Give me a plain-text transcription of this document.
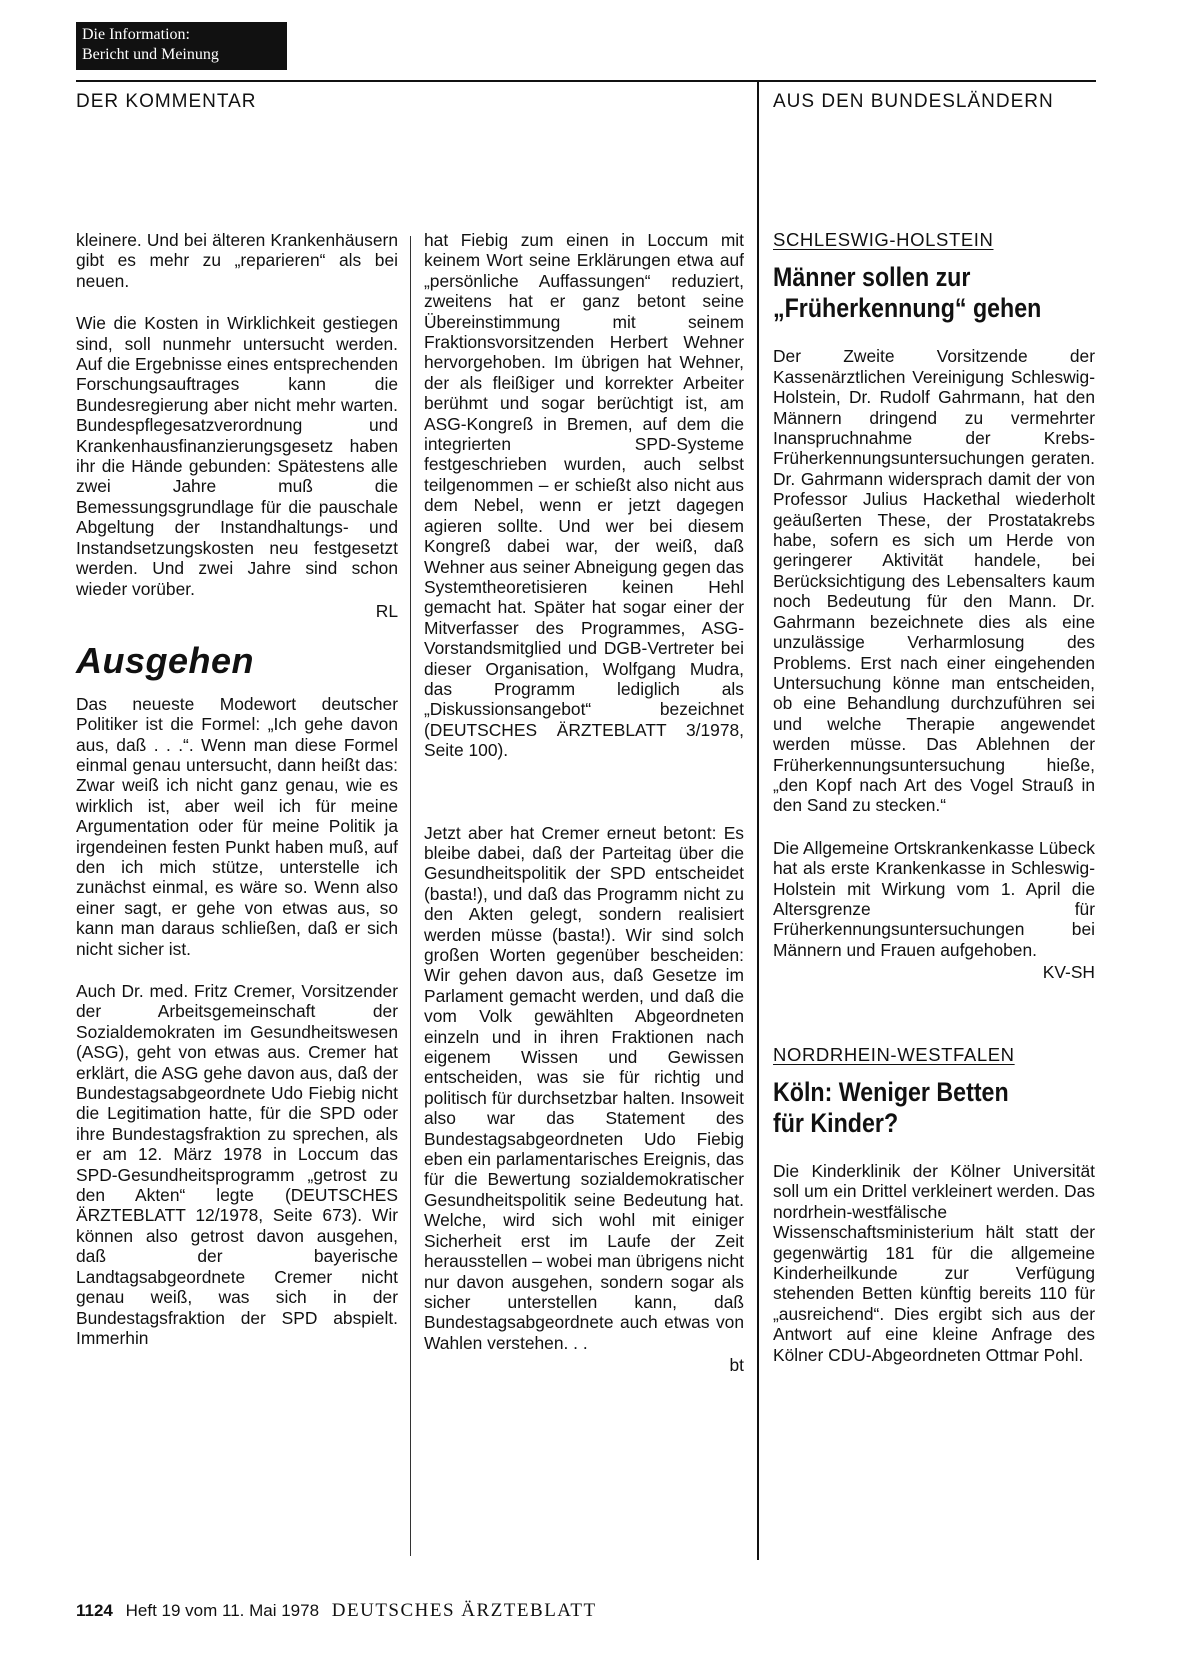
Die Information:
Bericht und Meinung
DER KOMMENTAR	AUS DEN BUNDESLÄNDERN

kleinere. Und bei älteren Krankenhäusern gibt es mehr zu „reparieren“ als bei neuen.

Wie die Kosten in Wirklichkeit gestiegen sind, soll nunmehr untersucht werden. Auf die Ergebnisse eines entsprechenden Forschungsauftrages kann die Bundesregierung aber nicht mehr warten. Bundespflegesatzverordnung und Krankenhausfinanzierungsgesetz haben ihr die Hände gebunden: Spätestens alle zwei Jahre muß die Bemessungsgrundlage für die pauschale Abgeltung der Instandhaltungs- und Instandsetzungskosten neu festgesetzt werden. Und zwei Jahre sind schon wieder vorüber.

RL
Ausgehen

Das neueste Modewort deutscher Politiker ist die Formel: „Ich gehe davon aus, daß . . .“. Wenn man diese Formel einmal genau untersucht, dann heißt das: Zwar weiß ich nicht ganz genau, wie es wirklich ist, aber weil ich für meine Argumentation oder für meine Politik ja irgendeinen festen Punkt haben muß, auf den ich mich stütze, unterstelle ich zunächst einmal, es wäre so. Wenn also einer sagt, er gehe von etwas aus, so kann man daraus schließen, daß er sich nicht sicher ist.

Auch Dr. med. Fritz Cremer, Vorsitzender der Arbeitsgemeinschaft der Sozialdemokraten im Gesundheitswesen (ASG), geht von etwas aus. Cremer hat erklärt, die ASG gehe davon aus, daß der Bundestagsabgeordnete Udo Fiebig nicht die Legitimation hatte, für die SPD oder ihre Bundestagsfraktion zu sprechen, als er am 12. März 1978 in Loccum das SPD-Gesundheitsprogramm „getrost zu den Akten“ legte (DEUTSCHES ÄRZTEBLATT 12/1978, Seite 673). Wir können also getrost davon ausgehen, daß der bayerische Landtagsabgeordnete Cremer nicht genau weiß, was sich in der Bundestagsfraktion der SPD abspielt. Immerhin

hat Fiebig zum einen in Loccum mit keinem Wort seine Erklärungen etwa auf „persönliche Auffassungen“ reduziert, zweitens hat er ganz betont seine Übereinstimmung mit seinem Fraktionsvorsitzenden Herbert Wehner hervorgehoben. Im übrigen hat Wehner, der als fleißiger und korrekter Arbeiter berühmt und sogar berüchtigt ist, am ASG-Kongreß in Bremen, auf dem die integrierten SPD-Systeme festgeschrieben wurden, auch selbst teilgenommen – er schießt also nicht aus dem Nebel, wenn er jetzt dagegen agieren sollte. Und wer bei diesem Kongreß dabei war, der weiß, daß Wehner aus seiner Abneigung gegen das Systemtheoretisieren keinen Hehl gemacht hat. Später hat sogar einer der Mitverfasser des Programmes, ASG-Vorstandsmitglied und DGB-Vertreter bei dieser Organisation, Wolfgang Mudra, das Programm lediglich als „Diskussionsangebot“ bezeichnet (DEUTSCHES ÄRZTEBLATT 3/1978, Seite 100).

Jetzt aber hat Cremer erneut betont: Es bleibe dabei, daß der Parteitag über die Gesundheitspolitik der SPD entscheidet (basta!), und daß das Programm nicht zu den Akten gelegt, sondern realisiert werden müsse (basta!). Wir sind solch großen Worten gegenüber bescheiden: Wir gehen davon aus, daß Gesetze im Parlament gemacht werden, und daß die vom Volk gewählten Abgeordneten einzeln und in ihren Fraktionen nach eigenem Wissen und Gewissen entscheiden, was sie für richtig und politisch für durchsetzbar halten. Insoweit also war das Statement des Bundestagsabgeordneten Udo Fiebig eben ein parlamentarisches Ereignis, das für die Bewertung sozialdemokratischer Gesundheitspolitik seine Bedeutung hat. Welche, wird sich wohl mit einiger Sicherheit erst im Laufe der Zeit herausstellen – wobei man übrigens nicht nur davon ausgehen, sondern sogar als sicher unterstellen kann, daß Bundestagsabgeordnete auch etwas von Wahlen verstehen. . .

bt
SCHLESWIG-HOLSTEIN
Männer sollen zur
„Früherkennung“ gehen

Der Zweite Vorsitzende der Kassenärztlichen Vereinigung Schleswig-Holstein, Dr. Rudolf Gahrmann, hat den Männern dringend zu vermehrter Inanspruchnahme der Krebs-Früherkennungsuntersuchungen geraten. Dr. Gahrmann widersprach damit der von Professor Julius Hackethal wiederholt geäußerten These, der Prostatakrebs habe, sofern es sich um Herde von geringerer Aktivität handele, bei Berücksichtigung des Lebensalters kaum noch Bedeutung für den Mann. Dr. Gahrmann bezeichnete dies als eine unzulässige Verharmlosung des Problems. Erst nach einer eingehenden Untersuchung könne man entscheiden, ob eine Behandlung durchzuführen sei und welche Therapie angewendet werden müsse. Das Ablehnen der Früherkennungsuntersuchung hieße, „den Kopf nach Art des Vogel Strauß in den Sand zu stecken.“

Die Allgemeine Ortskrankenkasse Lübeck hat als erste Krankenkasse in Schleswig-Holstein mit Wirkung vom 1. April die Altersgrenze für Früherkennungsuntersuchungen bei Männern und Frauen aufgehoben.

KV-SH
NORDRHEIN-WESTFALEN
Köln: Weniger Betten
für Kinder?

Die Kinderklinik der Kölner Universität soll um ein Drittel verkleinert werden. Das nordrhein-westfälische Wissenschaftsministerium hält statt der gegenwärtig 181 für die allgemeine Kinderheilkunde zur Verfügung stehenden Betten künftig bereits 110 für „ausreichend“. Dies ergibt sich aus der Antwort auf eine kleine Anfrage des Kölner CDU-Abgeordneten Ottmar Pohl.

1124 Heft 19 vom 11. Mai 1978 DEUTSCHES ÄRZTEBLATT
